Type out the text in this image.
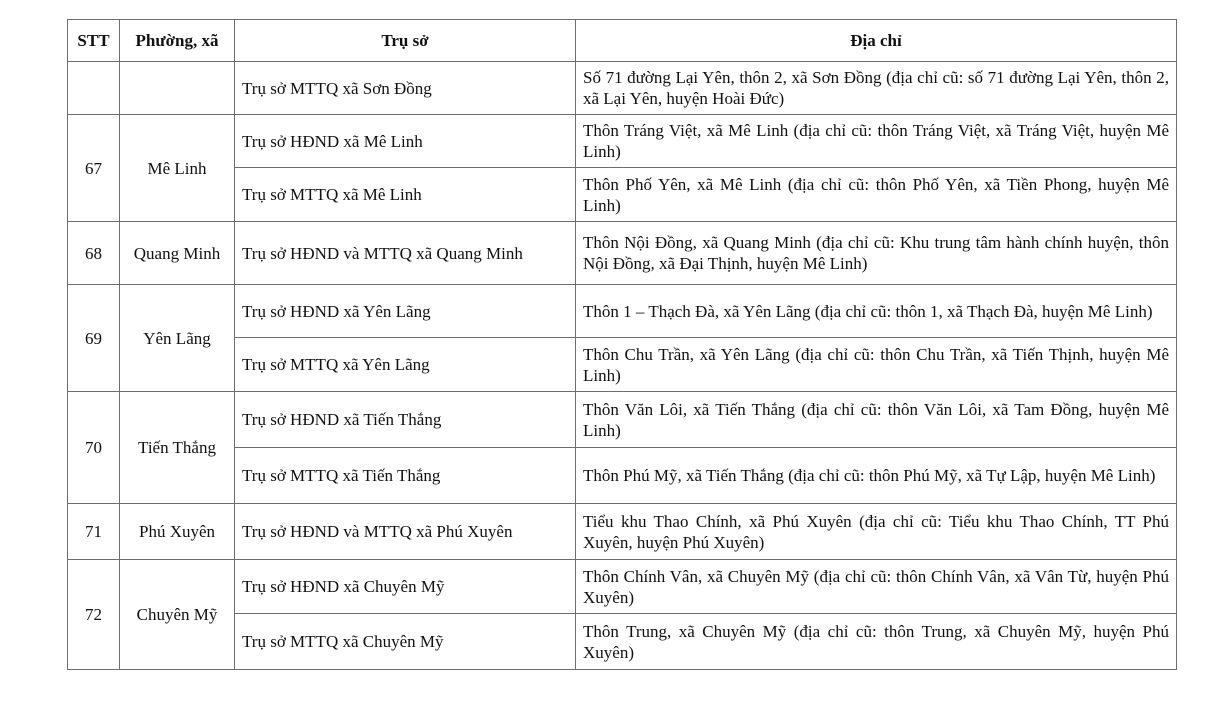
STT	Phường, xã	Trụ sở	Địa chỉ
		Trụ sở MTTQ xã Sơn Đồng	Số 71 đường Lại Yên, thôn 2, xã Sơn Đồng (địa chỉ cũ: số 71 đường Lại Yên, thôn 2, xã Lại Yên, huyện Hoài Đức)
67	Mê Linh	Trụ sở HĐND xã Mê Linh	Thôn Tráng Việt, xã Mê Linh (địa chỉ cũ: thôn Tráng Việt, xã Tráng Việt, huyện Mê Linh)
		Trụ sở MTTQ xã Mê Linh	Thôn Phố Yên, xã Mê Linh (địa chỉ cũ: thôn Phố Yên, xã Tiền Phong, huyện Mê Linh)
68	Quang Minh	Trụ sở HĐND và MTTQ xã Quang Minh	Thôn Nội Đồng, xã Quang Minh (địa chỉ cũ: Khu trung tâm hành chính huyện, thôn Nội Đồng, xã Đại Thịnh, huyện Mê Linh)
69	Yên Lãng	Trụ sở HĐND xã Yên Lãng	Thôn 1 – Thạch Đà, xã Yên Lãng (địa chỉ cũ: thôn 1, xã Thạch Đà, huyện Mê Linh)
		Trụ sở MTTQ xã Yên Lãng	Thôn Chu Trần, xã Yên Lãng (địa chỉ cũ: thôn Chu Trần, xã Tiến Thịnh, huyện Mê Linh)
70	Tiến Thắng	Trụ sở HĐND xã Tiến Thắng	Thôn Văn Lôi, xã Tiến Thắng (địa chỉ cũ: thôn Văn Lôi, xã Tam Đồng, huyện Mê Linh)
		Trụ sở MTTQ xã Tiến Thắng	Thôn Phú Mỹ, xã Tiến Thắng (địa chỉ cũ: thôn Phú Mỹ, xã Tự Lập, huyện Mê Linh)
71	Phú Xuyên	Trụ sở HĐND và MTTQ xã Phú Xuyên	Tiểu khu Thao Chính, xã Phú Xuyên (địa chỉ cũ: Tiểu khu Thao Chính, TT Phú Xuyên, huyện Phú Xuyên)
72	Chuyên Mỹ	Trụ sở HĐND xã Chuyên Mỹ	Thôn Chính Vân, xã Chuyên Mỹ (địa chỉ cũ: thôn Chính Vân, xã Vân Từ, huyện Phú Xuyên)
		Trụ sở MTTQ xã Chuyên Mỹ	Thôn Trung, xã Chuyên Mỹ (địa chỉ cũ: thôn Trung, xã Chuyên Mỹ, huyện Phú Xuyên)
